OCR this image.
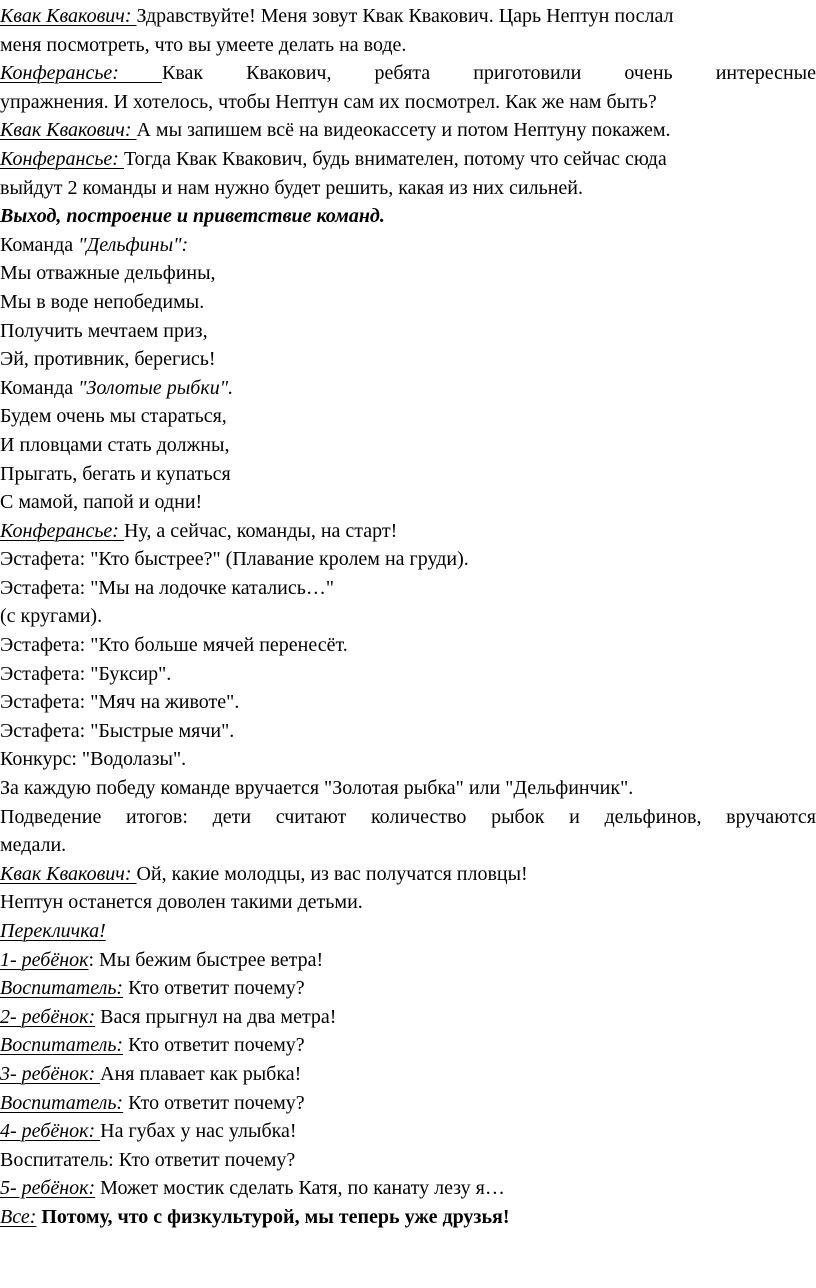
Квак Квакович: Здравствуйте! Меня зовут Квак Квакович. Царь Нептун послал
меня посмотреть, что вы умеете делать на воде.
Конферансье: Квак Квакович, ребята приготовили очень интересные
упражнения. И хотелось, чтобы Нептун сам их посмотрел. Как же нам быть?
Квак Квакович: А мы запишем всё на видеокассету и потом Нептуну покажем.
Конферансье: Тогда Квак Квакович, будь внимателен, потому что сейчас сюда
выйдут 2 команды и нам нужно будет решить, какая из них сильней.
Выход, построение и приветствие команд.
Команда "Дельфины":
Мы отважные дельфины,
Мы в воде непобедимы.
Получить мечтаем приз,
Эй, противник, берегись!
Команда "Золотые рыбки".
Будем очень мы стараться,
И пловцами стать должны,
Прыгать, бегать и купаться
С мамой, папой и одни!
Конферансье: Ну, а сейчас, команды, на старт!
Эстафета: "Кто быстрее?" (Плавание кролем на груди).
Эстафета: "Мы на лодочке катались…"
(с кругами).
Эстафета: "Кто больше мячей перенесёт.
Эстафета: "Буксир".
Эстафета: "Мяч на животе".
Эстафета: "Быстрые мячи".
Конкурс: "Водолазы".
За каждую победу команде вручается "Золотая рыбка" или "Дельфинчик".
Подведение итогов: дети считают количество рыбок и дельфинов, вручаются
медали.
Квак Квакович: Ой, какие молодцы, из вас получатся пловцы!
Нептун останется доволен такими детьми.
Перекличка!
1- ребёнок: Мы бежим быстрее ветра!
Воспитатель: Кто ответит почему?
2- ребёнок: Вася прыгнул на два метра!
Воспитатель: Кто ответит почему?
3- ребёнок: Аня плавает как рыбка!
Воспитатель: Кто ответит почему?
4- ребёнок: На губах у нас улыбка!
Воспитатель: Кто ответит почему?
5- ребёнок: Может мостик сделать Катя, по канату лезу я…
Все: Потому, что с физкультурой, мы теперь уже друзья!
